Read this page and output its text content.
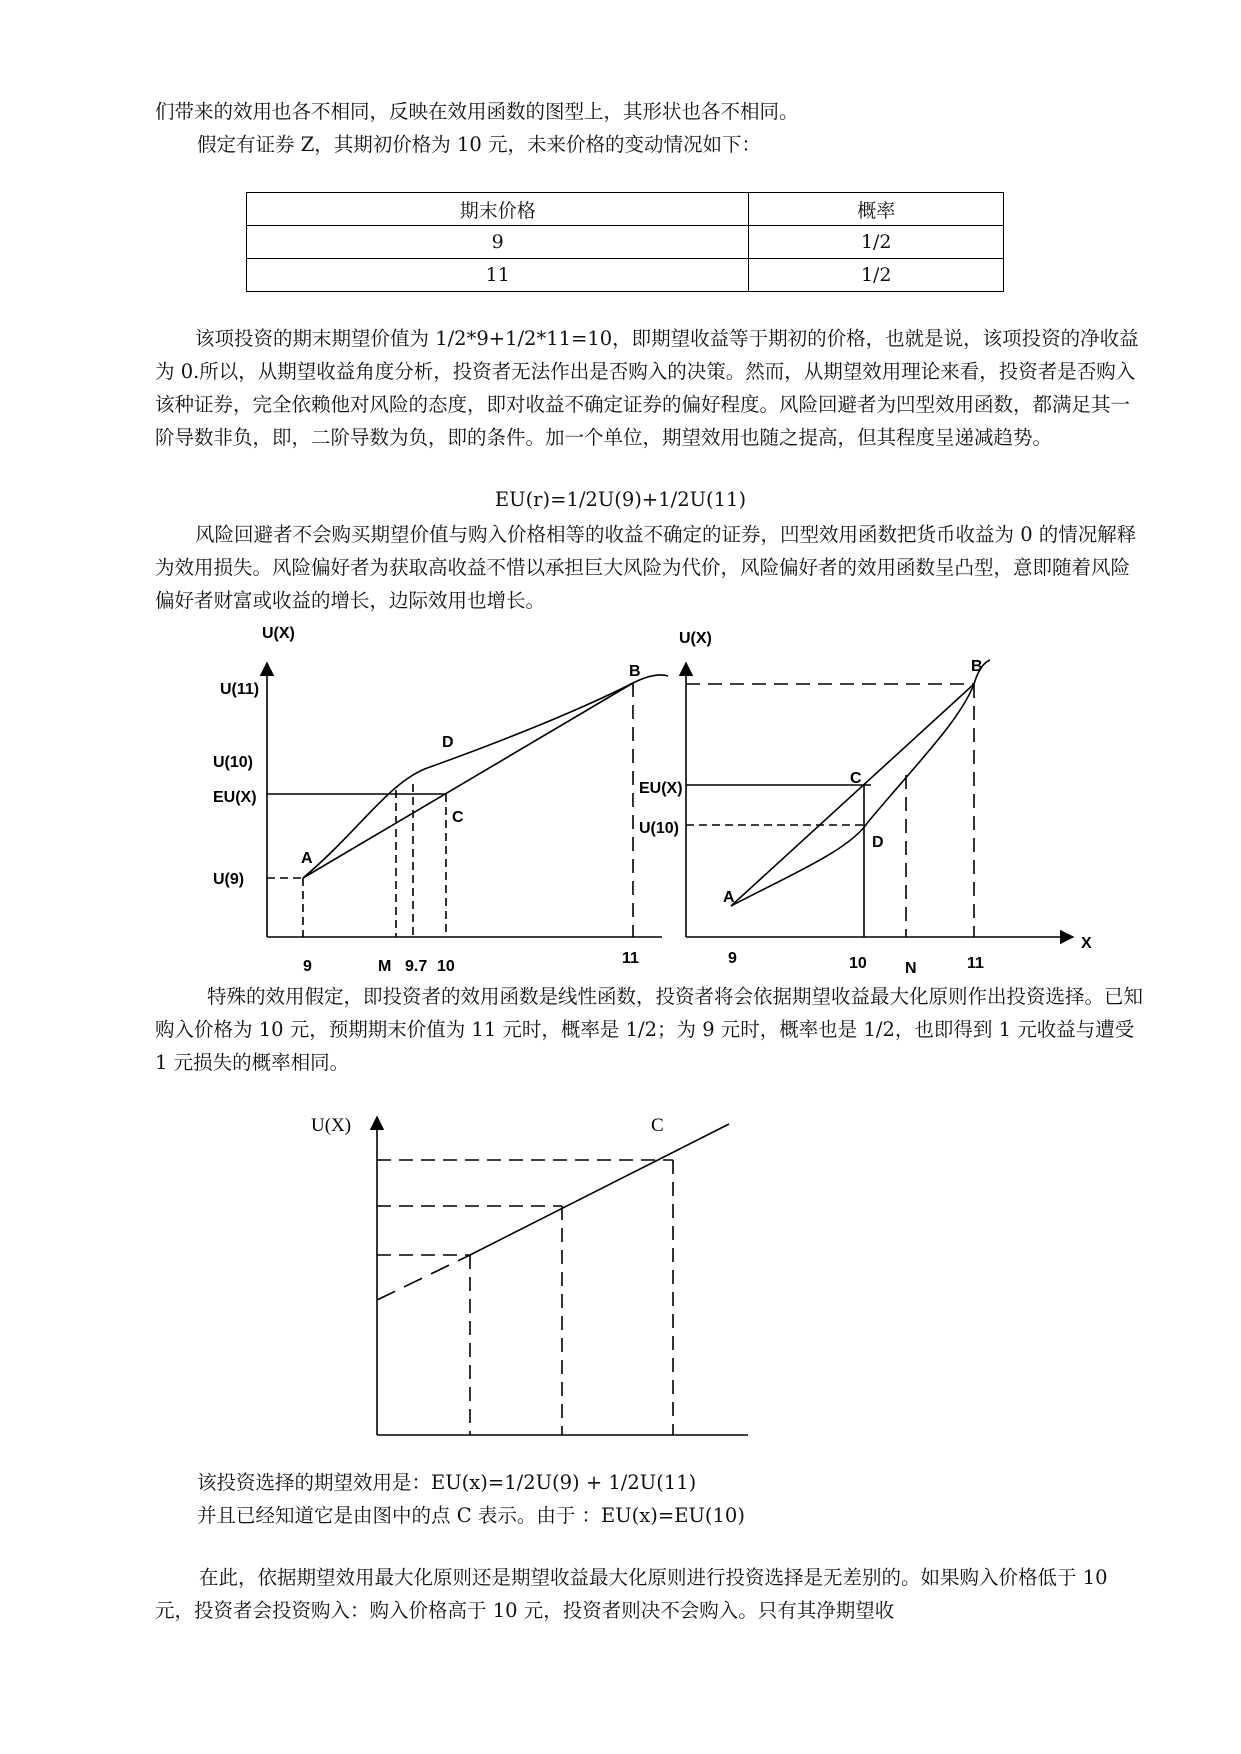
们带来的效用也各不相同，反映在效用函数的图型上，其形状也各不相同。

假定有证券 Z，其期初价格为 10 元，未来价格的变动情况如下：

期末价格	概率
9	1/2
11	1/2

该项投资的期末期望价值为 1/2*9+1/2*11=10，即期望收益等于期初的价格，也就是说，该项投资的净收益为 0.所以，从期望收益角度分析，投资者无法作出是否购入的决策。然而，从期望效用理论来看，投资者是否购入该种证券，完全依赖他对风险的态度，即对收益不确定证券的偏好程度。风险回避者为凹型效用函数，都满足其一阶导数非负，即，二阶导数为负，即的条件。加一个单位，期望效用也随之提高，但其程度呈递减趋势。

EU(r)=1/2U(9)+1/2U(11)

风险回避者不会购买期望价值与购入价格相等的收益不确定的证券，凹型效用函数把货币收益为 0 的情况解释为效用损失。风险偏好者为获取高收益不惜以承担巨大风险为代价，风险偏好者的效用函数呈凸型，意即随着风险偏好者财富或收益的增长，边际效用也增长。

U(X)
U(11)
U(10)
EU(X)
U(9)
9	M 9.7 10	11
A
B
C
D
U(X)
X
EU(X)
U(10)
9	10 N	11
A
B
C
D
U(X)	C

特殊的效用假定，即投资者的效用函数是线性函数，投资者将会依据期望收益最大化原则作出投资选择。已知购入价格为 10 元，预期期末价值为 11 元时，概率是 1/2；为 9 元时，概率也是 1/2，也即得到 1 元收益与遭受 1 元损失的概率相同。

该投资选择的期望效用是：EU(x)=1/2U(9) + 1/2U(11)

并且已经知道它是由图中的点 C 表示。由于 ：EU(x)=EU(10)

在此，依据期望效用最大化原则还是期望收益最大化原则进行投资选择是无差别的。如果购入价格低于 10 元，投资者会投资购入：购入价格高于 10 元，投资者则决不会购入。只有其净期望收
